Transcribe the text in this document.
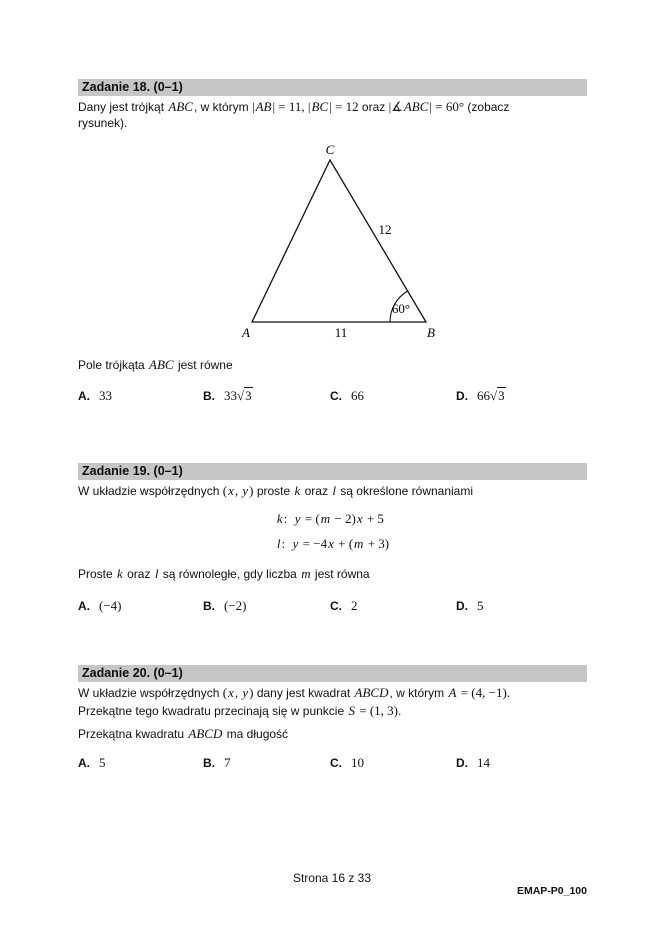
Zadanie 18. (0–1)
Dany jest trójkąt ABC, w którym |AB| = 11, |BC| = 12 oraz |∡ABC| = 60° (zobacz
rysunek).
C
A	B
12
11
60°
Pole trójkąta ABC jest równe
A. 33	B. 33√3	C. 66	D. 66√3
Zadanie 19. (0–1)
W układzie współrzędnych (x, y) proste k oraz l są określone równaniami
k:  y = (m − 2)x + 5
l:  y = −4x + (m + 3)
Proste k oraz l są równoległe, gdy liczba m jest równa
A. (−4)	B. (−2)	C. 2	D. 5
Zadanie 20. (0–1)
W układzie współrzędnych (x, y) dany jest kwadrat ABCD, w którym A = (4, −1).
Przekątne tego kwadratu przecinają się w punkcie S = (1, 3).
Przekątna kwadratu ABCD ma długość
A. 5	B. 7	C. 10	D. 14
Strona 16 z 33
EMAP-P0_100
